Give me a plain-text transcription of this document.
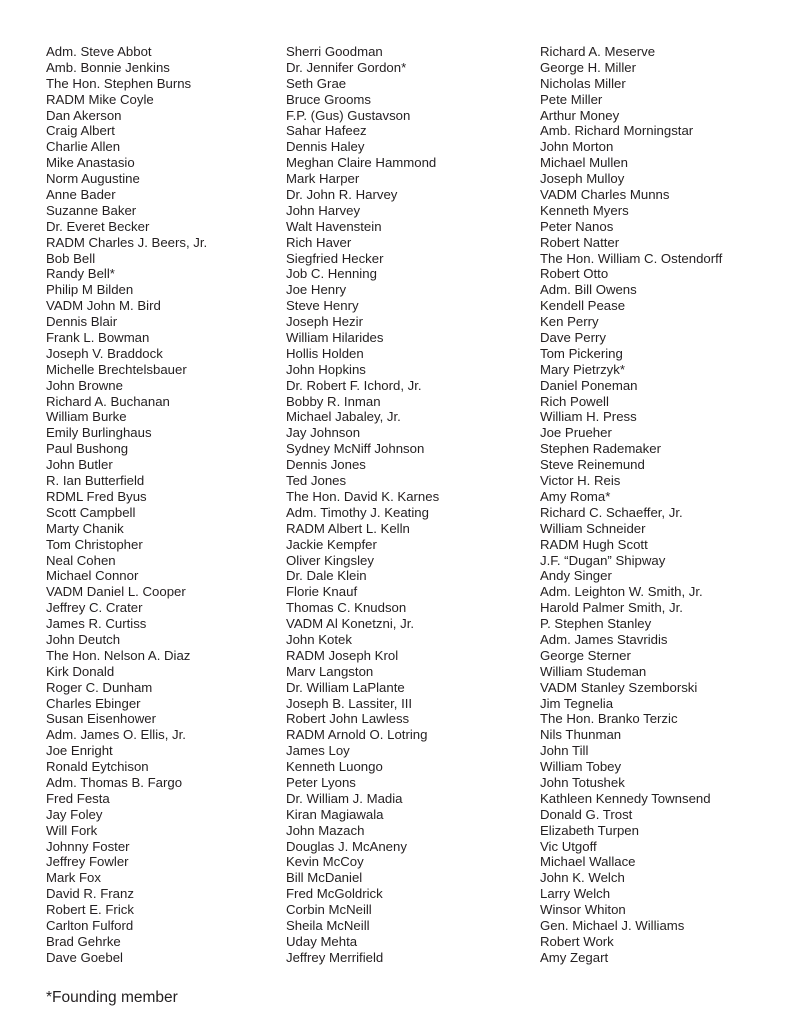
Adm. Steve Abbot
Amb. Bonnie Jenkins
The Hon. Stephen Burns
RADM Mike Coyle
Dan Akerson
Craig Albert
Charlie Allen
Mike Anastasio
Norm Augustine
Anne Bader
Suzanne Baker
Dr. Everet Becker
RADM Charles J. Beers, Jr.
Bob Bell
Randy Bell*
Philip M Bilden
VADM John M. Bird
Dennis Blair
Frank L. Bowman
Joseph V. Braddock
Michelle Brechtelsbauer
John Browne
Richard A. Buchanan
William Burke
Emily Burlinghaus
Paul Bushong
John Butler
R. Ian Butterfield
RDML Fred Byus
Scott Campbell
Marty Chanik
Tom Christopher
Neal Cohen
Michael Connor
VADM Daniel L. Cooper
Jeffrey C. Crater
James R. Curtiss
John Deutch
The Hon. Nelson A. Diaz
Kirk Donald
Roger C. Dunham
Charles Ebinger
Susan Eisenhower
Adm. James O. Ellis, Jr.
Joe Enright
Ronald Eytchison
Adm. Thomas B. Fargo
Fred Festa
Jay Foley
Will Fork
Johnny Foster
Jeffrey Fowler
Mark Fox
David R. Franz
Robert E. Frick
Carlton Fulford
Brad Gehrke
Dave Goebel
Sherri Goodman
Dr. Jennifer Gordon*
Seth Grae
Bruce Grooms
F.P. (Gus) Gustavson
Sahar Hafeez
Dennis Haley
Meghan Claire Hammond
Mark Harper
Dr. John R. Harvey
John Harvey
Walt Havenstein
Rich Haver
Siegfried Hecker
Job C. Henning
Joe Henry
Steve Henry
Joseph Hezir
William Hilarides
Hollis Holden
John Hopkins
Dr. Robert F. Ichord, Jr.
Bobby R. Inman
Michael Jabaley, Jr.
Jay Johnson
Sydney McNiff Johnson
Dennis Jones
Ted Jones
The Hon. David K. Karnes
Adm. Timothy J. Keating
RADM Albert L. Kelln
Jackie Kempfer
Oliver Kingsley
Dr. Dale Klein
Florie Knauf
Thomas C. Knudson
VADM Al Konetzni, Jr.
John Kotek
RADM Joseph Krol
Marv Langston
Dr. William LaPlante
Joseph B. Lassiter, III
Robert John Lawless
RADM Arnold O. Lotring
James Loy
Kenneth Luongo
Peter Lyons
Dr. William J. Madia
Kiran Magiawala
John Mazach
Douglas J. McAneny
Kevin McCoy
Bill McDaniel
Fred McGoldrick
Corbin McNeill
Sheila McNeill
Uday Mehta
Jeffrey Merrifield
Richard A. Meserve
George H. Miller
Nicholas Miller
Pete Miller
Arthur Money
Amb. Richard Morningstar
John Morton
Michael Mullen
Joseph Mulloy
VADM Charles Munns
Kenneth Myers
Peter Nanos
Robert Natter
The Hon. William C. Ostendorff
Robert Otto
Adm. Bill Owens
Kendell Pease
Ken Perry
Dave Perry
Tom Pickering
Mary Pietrzyk*
Daniel Poneman
Rich Powell
William H. Press
Joe Prueher
Stephen Rademaker
Steve Reinemund
Victor H. Reis
Amy Roma*
Richard C. Schaeffer, Jr.
William Schneider
RADM Hugh Scott
J.F. “Dugan” Shipway
Andy Singer
Adm. Leighton W. Smith, Jr.
Harold Palmer Smith, Jr.
P. Stephen Stanley
Adm. James Stavridis
George Sterner
William Studeman
VADM Stanley Szemborski
Jim Tegnelia
The Hon. Branko Terzic
Nils Thunman
John Till
William Tobey
John Totushek
Kathleen Kennedy Townsend
Donald G. Trost
Elizabeth Turpen
Vic Utgoff
Michael Wallace
John K. Welch
Larry Welch
Winsor Whiton
Gen. Michael J. Williams
Robert Work
Amy Zegart
*Founding member
